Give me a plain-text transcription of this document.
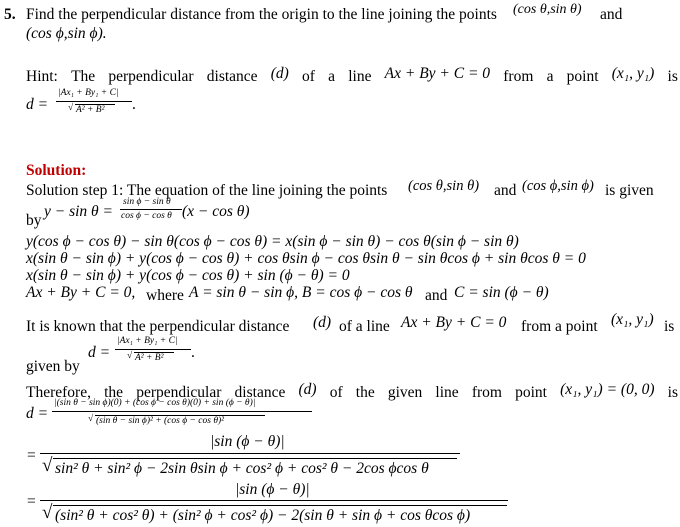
5. Find the perpendicular distance from the origin to the line joining the points (cos θ,sin θ) and
(cos ϕ,sin ϕ).
Hint: The perpendicular distance (d) of a line Ax + By + C = 0 from a point (x₁, y₁) is
d =
|Ax₁ + By₁ + C|
√ A² + B² .
Solution:
Solution step 1: The equation of the line joining the points (cos θ,sin θ) and (cos ϕ,sin ϕ) is given
by
y − sin θ =
sin ϕ − sin θ
cos ϕ − cos θ (x − cos θ)
y(cos ϕ − cos θ) − sin θ(cos ϕ − cos θ) = x(sin ϕ − sin θ) − cos θ(sin ϕ − sin θ)
x(sin θ − sin ϕ) + y(cos ϕ − cos θ) + cos θsin ϕ − cos θsin θ − sin θcos ϕ + sin θcos θ = 0
x(sin θ − sin ϕ) + y(cos ϕ − cos θ) + sin (ϕ − θ) = 0
Ax + By + C = 0, where A = sin θ − sin ϕ, B = cos ϕ − cos θ and C = sin (ϕ − θ)
It is known that the perpendicular distance (d) of a line Ax + By + C = 0 from a point (x₁, y₁) is
given by
d =
|Ax₁ + By₁ + C|
√ A² + B² .
Therefore, the perpendicular distance (d) of the given line from point (x₁, y₁) = (0, 0) is
d =
|(sin θ − sin ϕ)(0) + (cos ϕ − cos θ)(0) + sin (ϕ − θ)|
√ (sin θ − sin ϕ)² + (cos ϕ − cos θ)²
=
|sin (ϕ − θ)|
√ sin² θ + sin² ϕ − 2sin θsin ϕ + cos² ϕ + cos² θ − 2cos ϕcos θ
=
|sin (ϕ − θ)|
√ (sin² θ + cos² θ) + (sin² ϕ + cos² ϕ) − 2(sin θ + sin ϕ + cos θcos ϕ)
